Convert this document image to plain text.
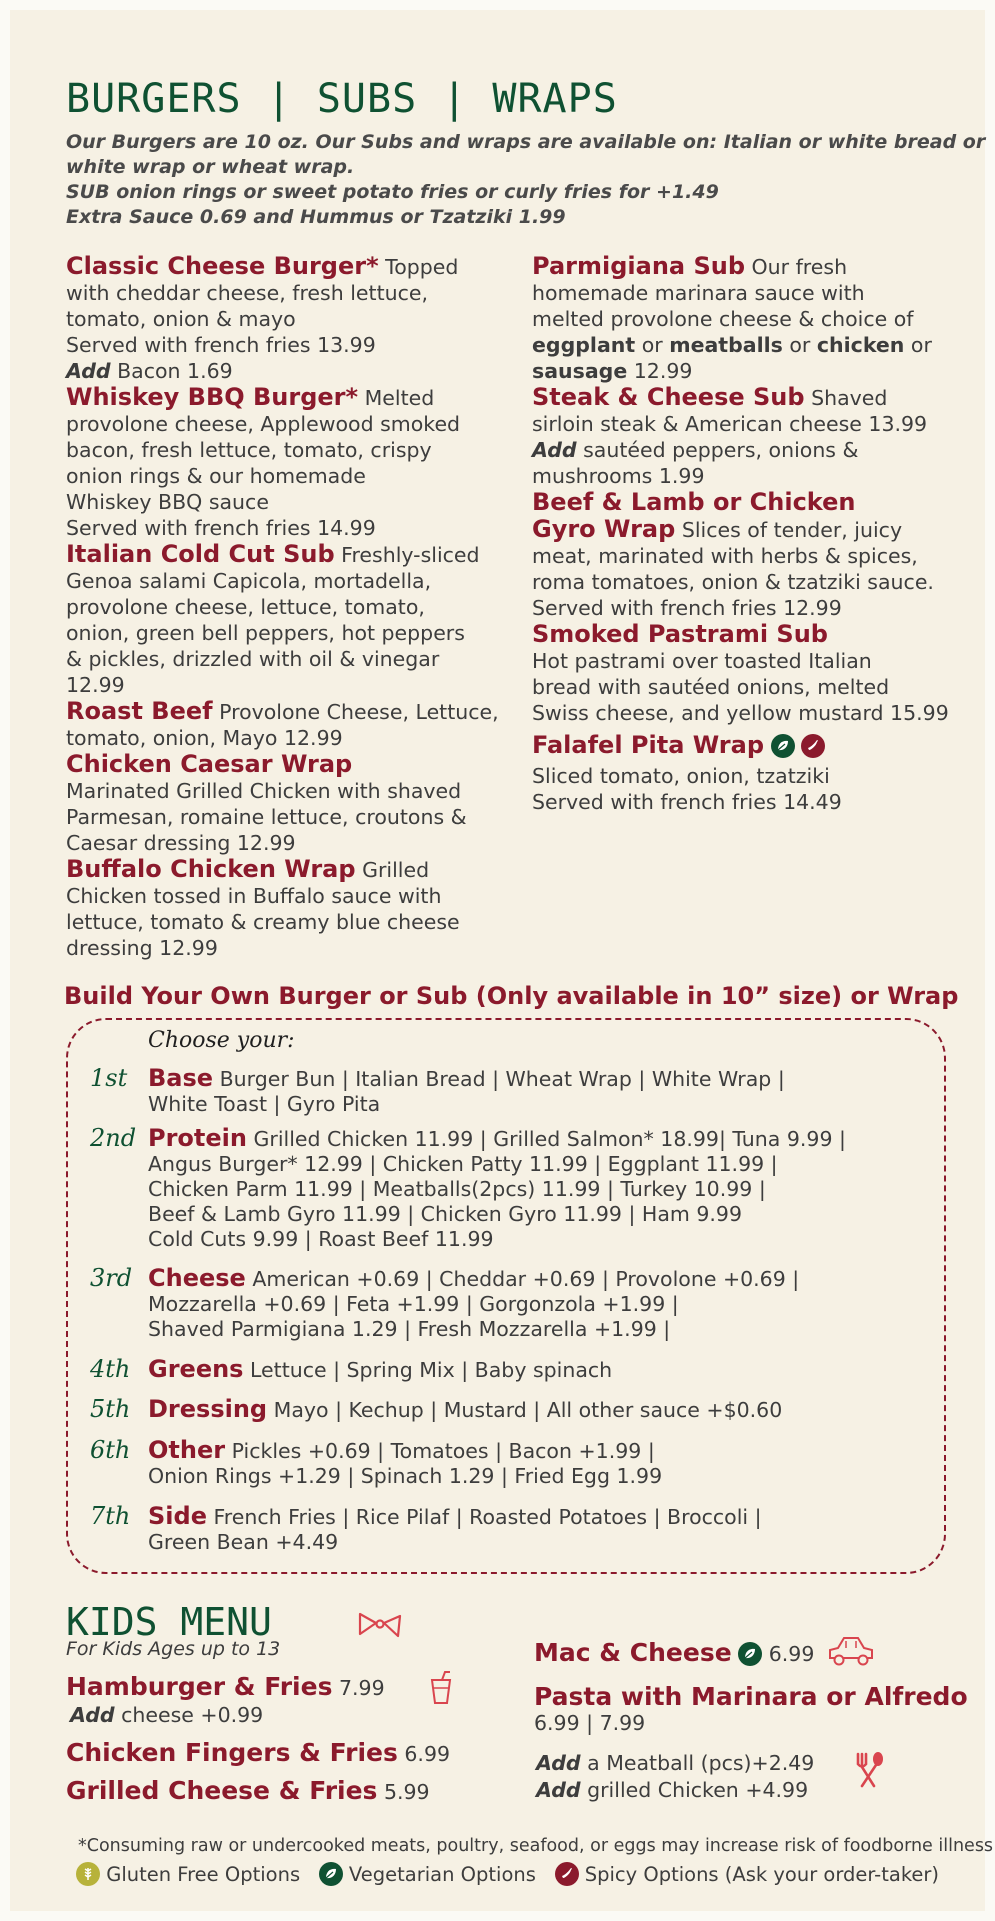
BURGERS | SUBS | WRAPS
Our Burgers are 10 oz. Our Subs and wraps are available on: Italian or white bread or
white wrap or wheat wrap.
SUB onion rings or sweet potato fries or curly fries for +1.49
Extra Sauce 0.69 and Hummus or Tzatziki 1.99
Classic Cheese Burger* Topped
with cheddar cheese, fresh lettuce,
tomato, onion & mayo
Served with french fries 13.99
Add Bacon 1.69
Whiskey BBQ Burger* Melted
provolone cheese, Applewood smoked
bacon, fresh lettuce, tomato, crispy
onion rings & our homemade
Whiskey BBQ sauce
Served with french fries 14.99
Italian Cold Cut Sub Freshly-sliced
Genoa salami Capicola, mortadella,
provolone cheese, lettuce, tomato,
onion, green bell peppers, hot peppers
& pickles, drizzled with oil & vinegar
12.99
Roast Beef Provolone Cheese, Lettuce,
tomato, onion, Mayo 12.99
Chicken Caesar Wrap
Marinated Grilled Chicken with shaved
Parmesan, romaine lettuce, croutons &
Caesar dressing 12.99
Buffalo Chicken Wrap Grilled
Chicken tossed in Buffalo sauce with
lettuce, tomato & creamy blue cheese
dressing 12.99
Parmigiana Sub Our fresh
homemade marinara sauce with
melted provolone cheese & choice of
eggplant or meatballs or chicken or
sausage 12.99
Steak & Cheese Sub Shaved
sirloin steak & American cheese 13.99
Add sautéed peppers, onions &
mushrooms 1.99
Beef & Lamb or Chicken
Gyro Wrap Slices of tender, juicy
meat, marinated with herbs & spices,
roma tomatoes, onion & tzatziki sauce.
Served with french fries 12.99
Smoked Pastrami Sub
Hot pastrami over toasted Italian
bread with sautéed onions, melted
Swiss cheese, and yellow mustard 15.99
Falafel Pita Wrap

Sliced tomato, onion, tzatziki
Served with french fries 14.49
Build Your Own Burger or Sub (Only available in 10” size) or Wrap
Choose your:
1st Base Burger Bun | Italian Bread | Wheat Wrap | White Wrap |
White Toast | Gyro Pita
2nd Protein Grilled Chicken 11.99 | Grilled Salmon* 18.99| Tuna 9.99 |
Angus Burger* 12.99 | Chicken Patty 11.99 | Eggplant 11.99 |
Chicken Parm 11.99 | Meatballs(2pcs) 11.99 | Turkey 10.99 |
Beef & Lamb Gyro 11.99 | Chicken Gyro 11.99 | Ham 9.99
Cold Cuts 9.99 | Roast Beef 11.99
3rd Cheese American +0.69 | Cheddar +0.69 | Provolone +0.69 |
Mozzarella +0.69 | Feta +1.99 | Gorgonzola +1.99 |
Shaved Parmigiana 1.29 | Fresh Mozzarella +1.99 |
4th Greens Lettuce | Spring Mix | Baby spinach
5th Dressing Mayo | Kechup | Mustard | All other sauce +$0.60
6th Other Pickles +0.69 | Tomatoes | Bacon +1.99 |
Onion Rings +1.29 | Spinach 1.29 | Fried Egg 1.99
7th Side French Fries | Rice Pilaf | Roasted Potatoes | Broccoli |
Green Bean +4.49
KIDS MENU
For Kids Ages up to 13
Hamburger & Fries 7.99
Add cheese +0.99
Chicken Fingers & Fries 6.99
Grilled Cheese & Fries 5.99
Mac & Cheese
6.99
Pasta with Marinara or Alfredo
6.99 | 7.99
Add a Meatball (pcs)+2.49
Add grilled Chicken +4.99
*Consuming raw or undercooked meats, poultry, seafood, or eggs may increase risk of foodborne illness
Gluten Free Options	Vegetarian Options	Spicy Options (Ask your order-taker)
